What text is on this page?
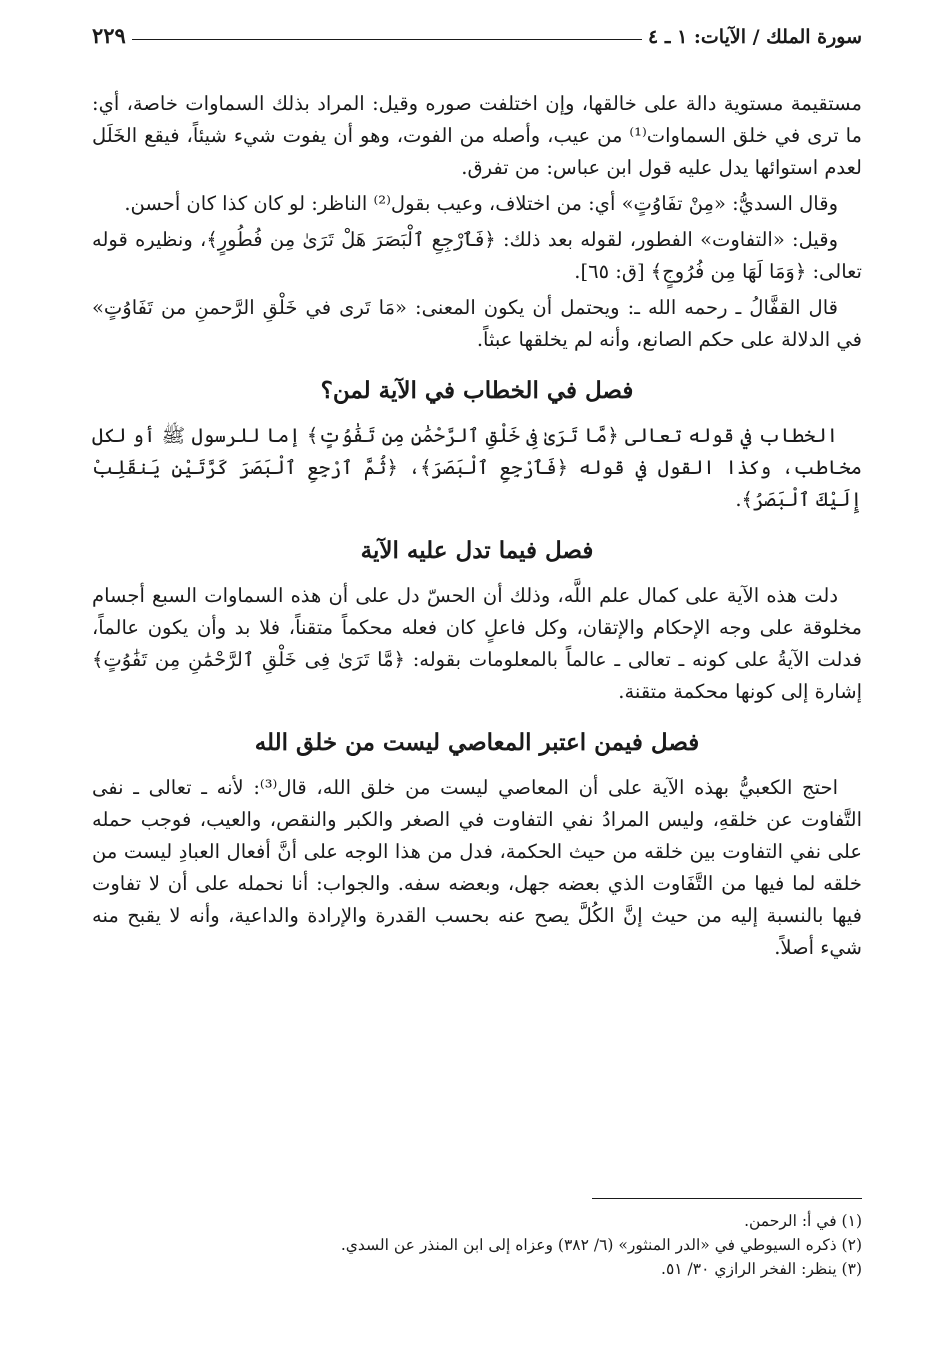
سورة الملك / الآيات: ١ ـ ٤
٢٢٩

مستقيمة مستوية دالة على خالقها، وإن اختلفت صوره وقيل: المراد بذلك السماوات خاصة، أي: ما ترى في خلق السماوات⁽¹⁾ من عيب، وأصله من الفوت، وهو أن يفوت شيء شيئاً، فيقع الخَلَل لعدم استوائها يدل عليه قول ابن عباس: من تفرق.

وقال السديُّ: «مِنْ تفَاوُتٍ» أي: من اختلاف، وعيب بقول⁽²⁾ الناظر: لو كان كذا كان أحسن.

وقيل: «التفاوت» الفطور، لقوله بعد ذلك: ﴿فَٱرْجِعِ ٱلْبَصَرَ هَلْ تَرَىٰ مِن فُطُورٍ﴾، ونظيره قوله تعالى: ﴿وَمَا لَهَا مِن فُرُوجٍ﴾ [ق: ٦٥].

قال القفَّالُ ـ رحمه الله ـ: ويحتمل أن يكون المعنى: «مَا تَرى في خَلْقِ الرَّحمنِ من تَفَاوُتٍ» في الدلالة على حكم الصانع، وأنه لم يخلقها عبثاً.

فصل في الخطاب في الآية لمن؟

الخطاب في قوله تعالى ﴿مَّا تَرَىٰ فِى خَلْقِ ٱلرَّحْمَٰنِ مِن تَفَٰوُتٍ﴾ إما للرسول ﷺ أو لكل مخاطب، وكذا القول في قوله ﴿فَٱرْجِعِ ٱلْبَصَرَ﴾، ﴿ثُمَّ ٱرْجِعِ ٱلْبَصَرَ كَرَّتَيْنِ يَنقَلِبْ إِلَيْكَ ٱلْبَصَرُ﴾.

فصل فيما تدل عليه الآية

دلت هذه الآية على كمال علم اللَّه، وذلك أن الحسّ دل على أن هذه السماوات السبع أجسام مخلوقة على وجه الإحكام والإتقان، وكل فاعلٍ كان فعله محكماً متقناً، فلا بد وأن يكون عالماً، فدلت الآيةُ على كونه ـ تعالى ـ عالماً بالمعلومات بقوله: ﴿مَّا تَرَىٰ فِى خَلْقِ ٱلرَّحْمَٰنِ مِن تَفَٰوُتٍ﴾ إشارة إلى كونها محكمة متقنة.

فصل فيمن اعتبر المعاصي ليست من خلق الله

احتج الكعبيُّ بهذه الآية على أن المعاصي ليست من خلق الله، قال⁽³⁾: لأنه ـ تعالى ـ نفى التَّفاوت عن خلقهِ، وليس المرادُ نفي التفاوت في الصغر والكبر والنقص، والعيب، فوجب حمله على نفي التفاوت بين خلقه من حيث الحكمة، فدل من هذا الوجه على أنَّ أفعال العبادِ ليست من خلقه لما فيها من التَّفَاوت الذي بعضه جهل، وبعضه سفه. والجواب: أنا نحمله على أن لا تفاوت فيها بالنسبة إليه من حيث إنَّ الكُلَّ يصح عنه بحسب القدرة والإرادة والداعية، وأنه لا يقبح منه شيء أصلاً.

(١) في أ: الرحمن.
(٢) ذكره السيوطي في «الدر المنثور» (٦/ ٣٨٢) وعزاه إلى ابن المنذر عن السدي.
(٣) ينظر: الفخر الرازي ٣٠/ ٥١.
